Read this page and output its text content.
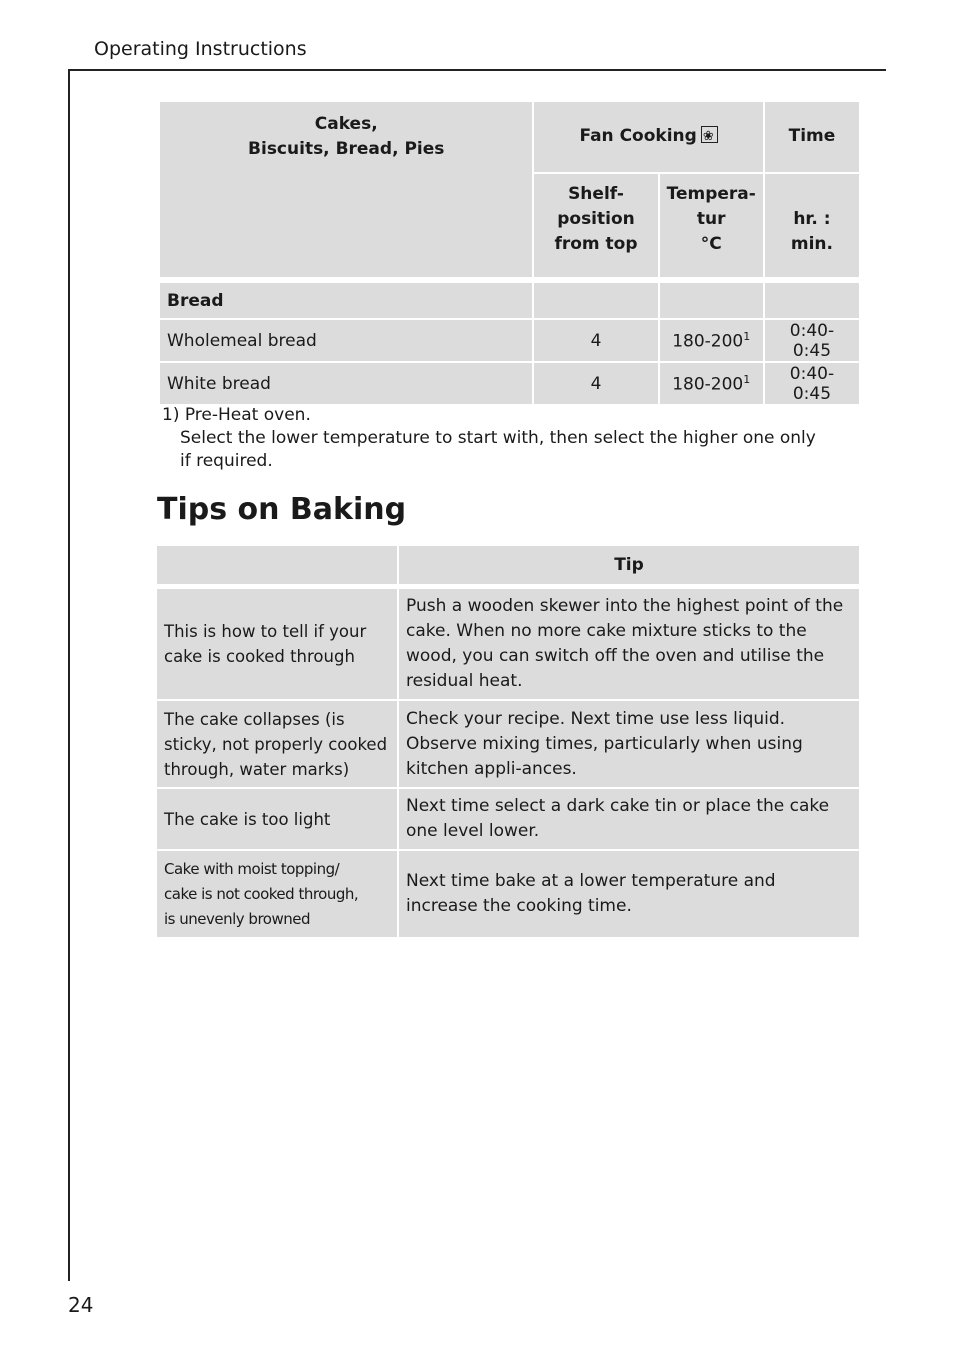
Operating Instructions
Cakes,
Biscuits, Bread, Pies	Fan Cooking❀		Time
	Shelf-
position
from top	Tempera-
tur
°C	hr. : min.

Bread			
Wholemeal bread	4	$180-200^1$	0:40-0:45
White bread	4	$180-200^1$	0:40-0:45
1) Pre-Heat oven.
Select the lower temperature to start with, then select the higher one only if required.
Tips on Baking
	Tip

This is how to tell if your cake is cooked through	Push a wooden skewer into the highest point of the cake. When no more cake mixture sticks to the wood, you can switch off the oven and utilise the residual heat.
The cake collapses (is sticky, not properly cooked through, water marks)	Check your recipe. Next time use less liquid. Observe mixing times, particularly when using kitchen appli-ances.
The cake is too light	Next time select a dark cake tin or place the cake one level lower.
Cake with moist topping/
cake is not cooked through,
is unevenly browned	Next time bake at a lower temperature and increase the cooking time.
24
